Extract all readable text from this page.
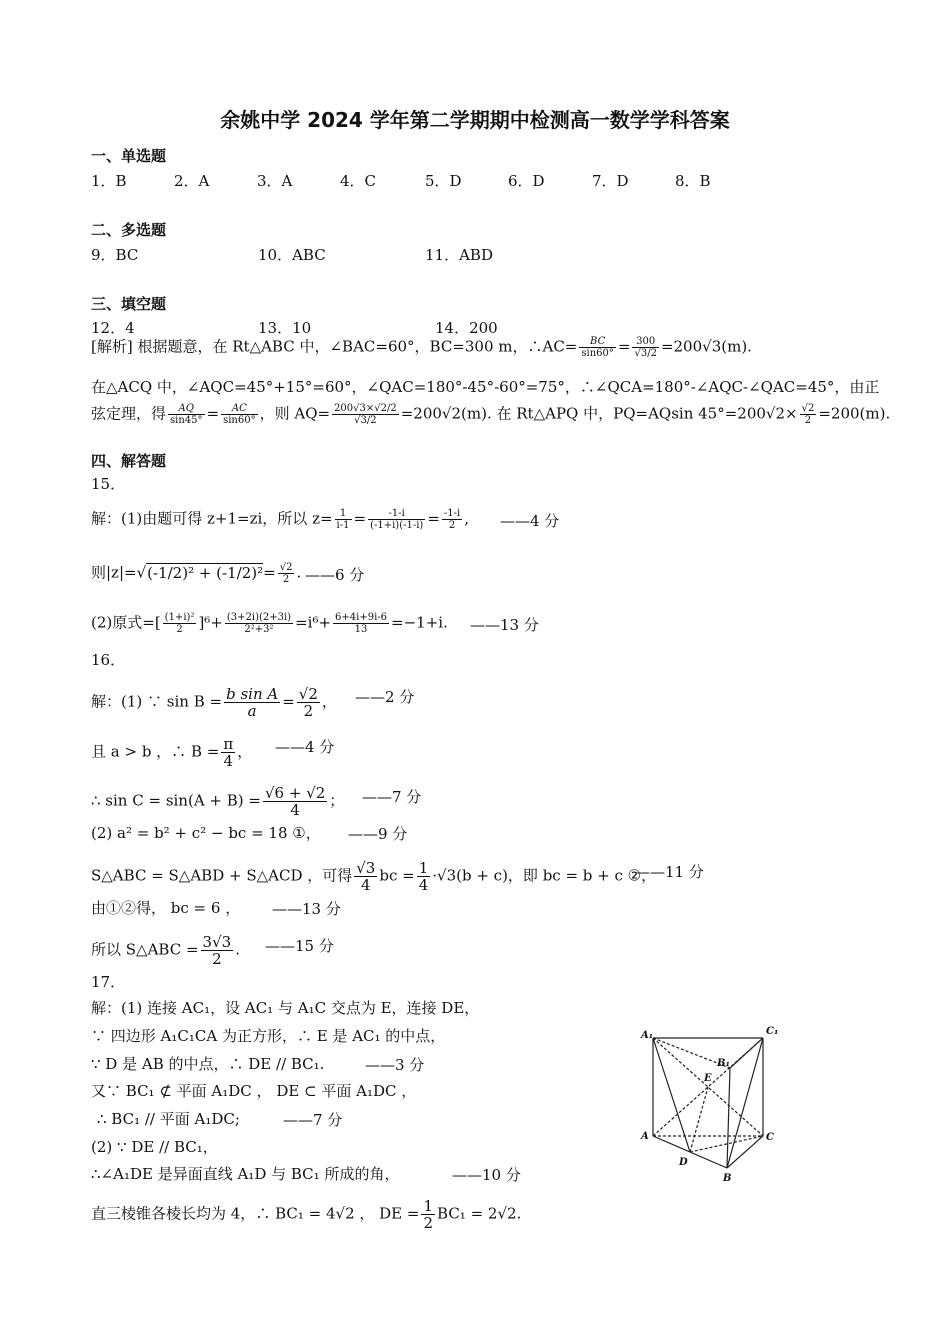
余姚中学 2024 学年第二学期期中检测高一数学学科答案
一、单选题
1．B	2．A	3．A	4．C	5．D	6．D	7．D	8．B
二、多选题
9．BC	10．ABC	11．ABD
三、填空题
12．4	13．10	14．200
[解析] 根据题意，在 Rt△ABC 中，∠BAC=60°，BC=300 m，∴AC= $\frac{BC}{\sin 60^\circ} = \frac{300}{√3/2} =200√3(m)$.
在△ACQ 中，∠AQC=45°+15°=60°，∠QAC=180°-45°-60°=75°，∴∠QCA=180°-∠AQC-∠QAC=45°，由正
弦定理，得 $\frac{AQ}{\sin 45^\circ} = \frac{AC}{\sin 60^\circ}$ ，则 $AQ= \frac{200√3\times√2/2}{√3/2} =200√2(m)$. 在 Rt△APQ 中，PQ=AQsin $45^\circ=200√2\times \frac{√2}{2} =200(m)$.
四、解答题
15．
解：(1)由题可得 z+1=zi，所以 $z= \frac{1}{i-1} = \frac{-1-i}{(-1+i)(-1-i)} = \frac{-1-i}{2}$ , ——4 分
则$|z|=√(-1/2)^2 + (-1/2)^2= \frac{√2}{2}$ . ——6 分
(2)原式=[ $\frac{\text{(1+i)²}}{2} ]^6+ \frac{(3+2i)(2+3i)}{\text{2²+3²}} =i^6+ \frac{6+4i+9i-6}{13} =-1+i$. ——13 分
16．
解：(1) ∵ $\sin B = \frac{\text{b sin A}}{a} = \frac{√2}{2}$ ， ——2 分
且 a > b ，∴ $B = \frac{\pi}{4}$ ， ——4 分
∴ $\sin C = \sin(A + B) = \frac{√6 + √2}{4}$ ； ——7 分
(2) a² = b² + c² − bc = 18 ①， ——9 分
S△ABC = S△ABD + S△ACD ，可得 $\frac{√3}{4}$ bc = $\frac{1}{4} \cdot√3(b + c)$，即 bc = b + c ②，
——11 分
由①②得， bc = 6 ， ——13 分
所以 S△ABC = $\frac{3√3}{2}$ . ——15 分
17．
解：(1) 连接 AC₁，设 AC₁ 与 A₁C 交点为 E，连接 DE，
∵ 四边形 A₁C₁CA 为正方形，∴ E 是 AC₁ 的中点，
∵ D 是 AB 的中点，∴ DE // BC₁.	——3 分
又∵ BC₁ ⊄ 平面 A₁DC ， DE ⊂ 平面 A₁DC ，
∴ BC₁ // 平面 A₁DC;	——7 分
(2) ∵ DE // BC₁，
∴∠A₁DE 是异面直线 A₁D 与 BC₁ 所成的角，	——10 分
直三棱锥各棱长均为 4，∴ BC₁ = 4√2 ， DE = $\frac{1}{2} BC_1 = 2√2$.
A₁	C₁
B₁
E
A	C
D
B
